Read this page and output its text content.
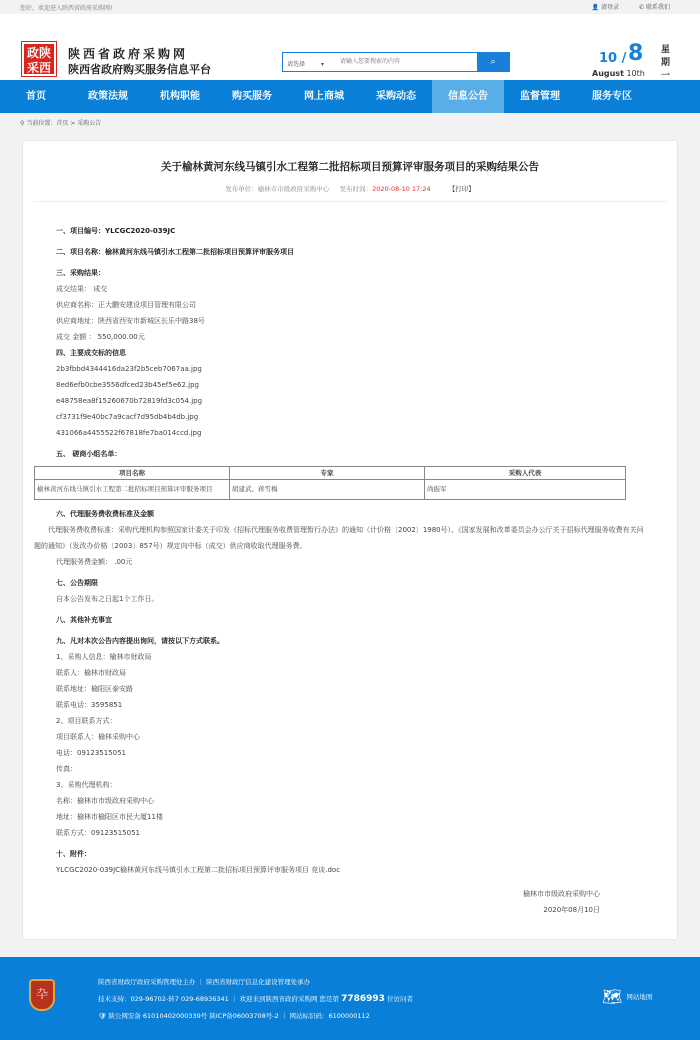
您好，欢迎进入陕西省政府采购网!	👤 请登录	✆ 联系我们
政陕
采西
陕西省政府采购网
陕西省政府购买服务信息平台	请选择	▾
请输入您要搜索的内容	⌕	10 / 8
August 10th
星期一
首页	政策法规	机构职能	购买服务	网上商城	采购动态	信息公告	监督管理	服务专区
⚲ 当前位置：首页 > 采购公告
关于榆林黄河东线马镇引水工程第二批招标项目预算评审服务项目的采购结果公告
发布单位：榆林市市级政府采购中心 发布时间：2020-08-10 17:24	【打印】
一、项目编号：YLCGC2020-039JC
二、项目名称：榆林黄河东线马镇引水工程第二批招标项目预算评审服务项目
三、采购结果：
成交结果： 成交
供应商名称：正大鹏安建设项目管理有限公司
供应商地址：陕西省西安市新城区长乐中路38号
成交 金额 ： 550,000.00元
四、主要成交标的信息
2b3fbbd4344416da23f2b5ceb7067aa.jpg
8ed6efb0cbe3556dfced23b45ef5e62.jpg
e48758ea8f15260670b72819fd3c054.jpg
cf3731f9e40bc7a9cacf7d95db4b4db.jpg
431066a4455522f67818fe7ba014ccd.jpg
五、 磋商小组名单：
项目名称	专家	采购人代表
榆林黄河东线马镇引水工程第二批招标项目预算评审服务项目	胡建武、蒋雪梅	尚振军
六、代理服务费收费标准及金额
代理服务费收费标准：采购代理机构参照国家计委关于印发《招标代理服务收费管理暂行办法》的通知（计价格〔2002〕1980号）、《国家发展和改革委员会办公厅关于招标代理服务收费有关问题的通知》（发改办价格〔2003〕857号）规定向中标（成交）供应商收取代理服务费。
代理服务费金额： .00元
七、公告期限
自本公告发布之日起1个工作日。
八、其他补充事宜
九、凡对本次公告内容提出询问，请按以下方式联系。
1、采购人信息：榆林市财政局
联系人：榆林市财政局
联系地址：榆阳区泰安路
联系电话：3595851
2、项目联系方式：
项目联系人：榆林采购中心
电话：09123515051
传真：
3、采购代理机构：
名称：榆林市市级政府采购中心
地址：榆林市榆阳区市民大厦11楼
联系方式：09123515051
十、附件：
YLCGC2020-039JC榆林黄河东线马镇引水工程第二批招标项目预算评审服务项目 竞谈.doc
榆林市市级政府采购中心
2020年08月10日
卆
陕西省财政厅政府采购管理处主办 ｜ 陕西省财政厅信息化建设管理处承办
技术支持：029-96702-转7 029-68936341 ｜ 欢迎来到陕西省政府采购网 您是第 7786993 位访问者
🛡 陕公网安备 61010402000339号 陕ICP备06003708号-2 ｜ 网站标识码：6100000112
🗺 网站地图
